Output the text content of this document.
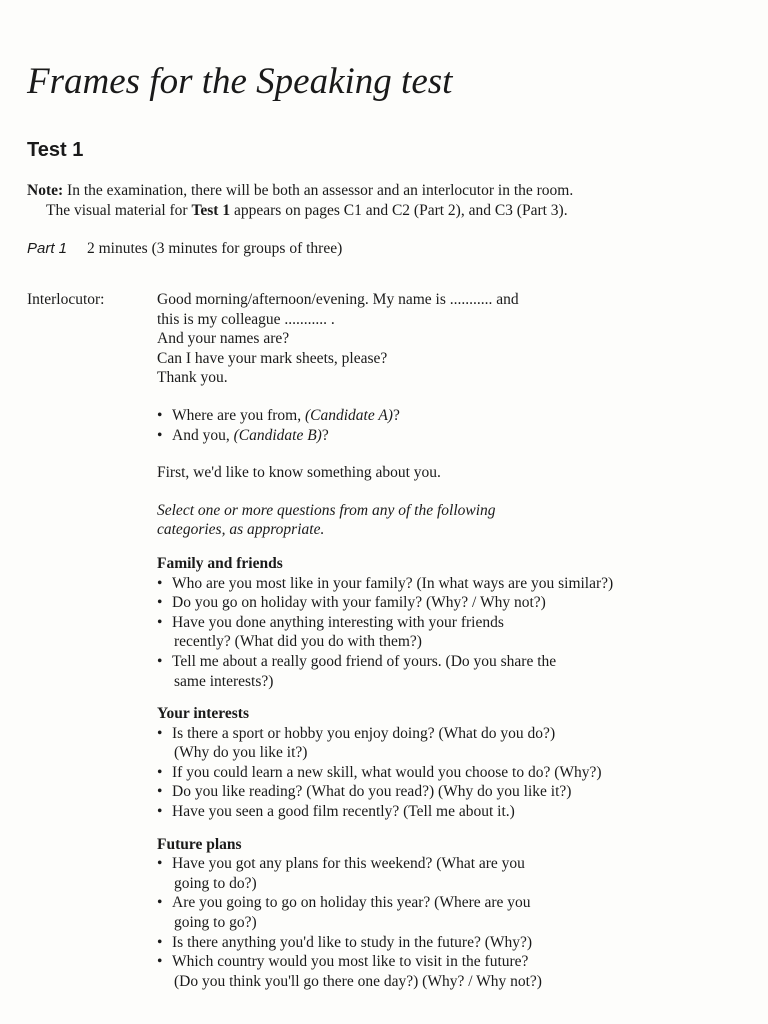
Frames for the Speaking test
Test 1
Note: In the examination, there will be both an assessor and an interlocutor in the room.
The visual material for Test 1 appears on pages C1 and C2 (Part 2), and C3 (Part 3).
Part 1 2 minutes (3 minutes for groups of three)
Interlocutor:	Good morning/afternoon/evening. My name is ........... and
this is my colleague ........... .
And your names are?
Can I have your mark sheets, please?
Thank you.
• Where are you from, (Candidate A)?
• And you, (Candidate B)?
First, we'd like to know something about you.
Select one or more questions from any of the following
categories, as appropriate.
Family and friends
• Who are you most like in your family? (In what ways are you similar?)
• Do you go on holiday with your family? (Why? / Why not?)
• Have you done anything interesting with your friends
recently? (What did you do with them?)
• Tell me about a really good friend of yours. (Do you share the
same interests?)
Your interests
• Is there a sport or hobby you enjoy doing? (What do you do?)
(Why do you like it?)
• If you could learn a new skill, what would you choose to do? (Why?)
• Do you like reading? (What do you read?) (Why do you like it?)
• Have you seen a good film recently? (Tell me about it.)
Future plans
• Have you got any plans for this weekend? (What are you
going to do?)
• Are you going to go on holiday this year? (Where are you
going to go?)
• Is there anything you'd like to study in the future? (Why?)
• Which country would you most like to visit in the future?
(Do you think you'll go there one day?) (Why? / Why not?)
